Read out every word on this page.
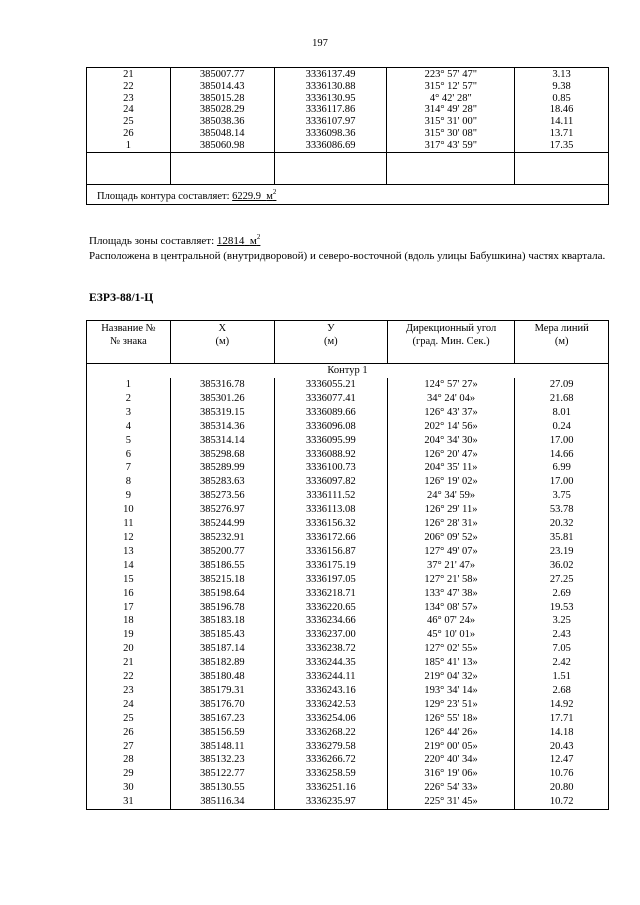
197
21	385007.77	3336137.49	223° 57' 47"	3.13
22	385014.43	3336130.88	315° 12' 57"	9.38
23	385015.28	3336130.95	4° 42' 28"	0.85
24	385028.29	3336117.86	314° 49' 28"	18.46
25	385038.36	3336107.97	315° 31' 00"	14.11
26	385048.14	3336098.36	315° 30' 08"	13.71
1	385060.98	3336086.69	317° 43' 59"	17.35

Площадь контура составляет: 6229.9 $м^2$
Площадь зоны составляет: 12814 $м^2$
Расположена в центральной (внутридворовой) и северо-восточной (вдоль улицы Бабушкина) частях квартала.
ЕЗРЗ-88/1-Ц
Название №№ знака	Х (м)	У (м)	Дирекционный угол (град. Мин. Сек.)	Мера линий (м)
Контур 1				
1	385316.78	3336055.21	124° 57' 27»	27.09
2	385301.26	3336077.41	34° 24' 04»	21.68
3	385319.15	3336089.66	126° 43' 37»	8.01
4	385314.36	3336096.08	202° 14' 56»	0.24
5	385314.14	3336095.99	204° 34' 30»	17.00
6	385298.68	3336088.92	126° 20' 47»	14.66
7	385289.99	3336100.73	204° 35' 11»	6.99
8	385283.63	3336097.82	126° 19' 02»	17.00
9	385273.56	3336111.52	24° 34' 59»	3.75
10	385276.97	3336113.08	126° 29' 11»	53.78
11	385244.99	3336156.32	126° 28' 31»	20.32
12	385232.91	3336172.66	206° 09' 52»	35.81
13	385200.77	3336156.87	127° 49' 07»	23.19
14	385186.55	3336175.19	37° 21' 47»	36.02
15	385215.18	3336197.05	127° 21' 58»	27.25
16	385198.64	3336218.71	133° 47' 38»	2.69
17	385196.78	3336220.65	134° 08' 57»	19.53
18	385183.18	3336234.66	46° 07' 24»	3.25
19	385185.43	3336237.00	45° 10' 01»	2.43
20	385187.14	3336238.72	127° 02' 55»	7.05
21	385182.89	3336244.35	185° 41' 13»	2.42
22	385180.48	3336244.11	219° 04' 32»	1.51
23	385179.31	3336243.16	193° 34' 14»	2.68
24	385176.70	3336242.53	129° 23' 51»	14.92
25	385167.23	3336254.06	126° 55' 18»	17.71
26	385156.59	3336268.22	126° 44' 26»	14.18
27	385148.11	3336279.58	219° 00' 05»	20.43
28	385132.23	3336266.72	220° 40' 34»	12.47
29	385122.77	3336258.59	316° 19' 06»	10.76
30	385130.55	3336251.16	226° 54' 33»	20.80
31	385116.34	3336235.97	225° 31' 45»	10.72
